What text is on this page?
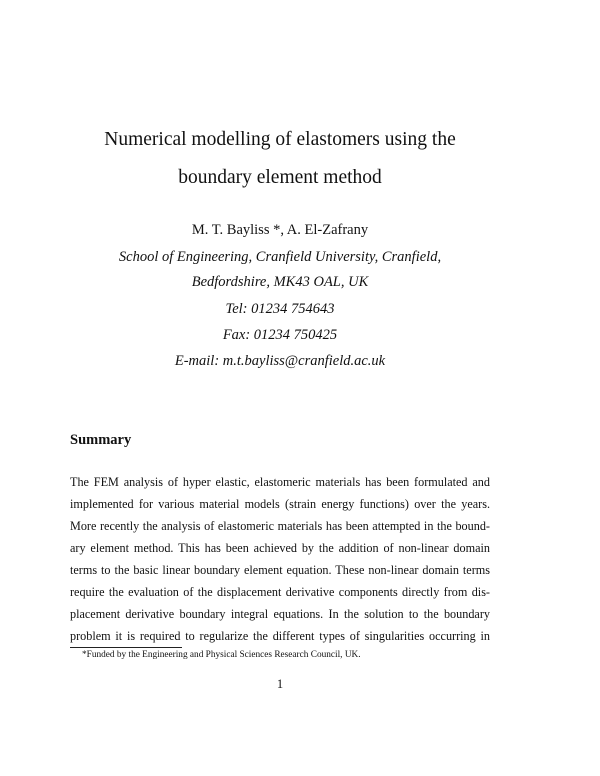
Numerical modelling of elastomers using the
boundary element method
M. T. Bayliss *, A. El-Zafrany
School of Engineering, Cranfield University, Cranfield,
Bedfordshire, MK43 OAL, UK
Tel: 01234 754643
Fax: 01234 750425
E-mail: m.t.bayliss@cranfield.ac.uk
Summary
The FEM analysis of hyper elastic, elastomeric materials has been formulated and
implemented for various material models (strain energy functions) over the years.
More recently the analysis of elastomeric materials has been attempted in the bound-
ary element method. This has been achieved by the addition of non-linear domain
terms to the basic linear boundary element equation. These non-linear domain terms
require the evaluation of the displacement derivative components directly from dis-
placement derivative boundary integral equations. In the solution to the boundary
problem it is required to regularize the different types of singularities occurring in
*Funded by the Engineering and Physical Sciences Research Council, UK.
1
